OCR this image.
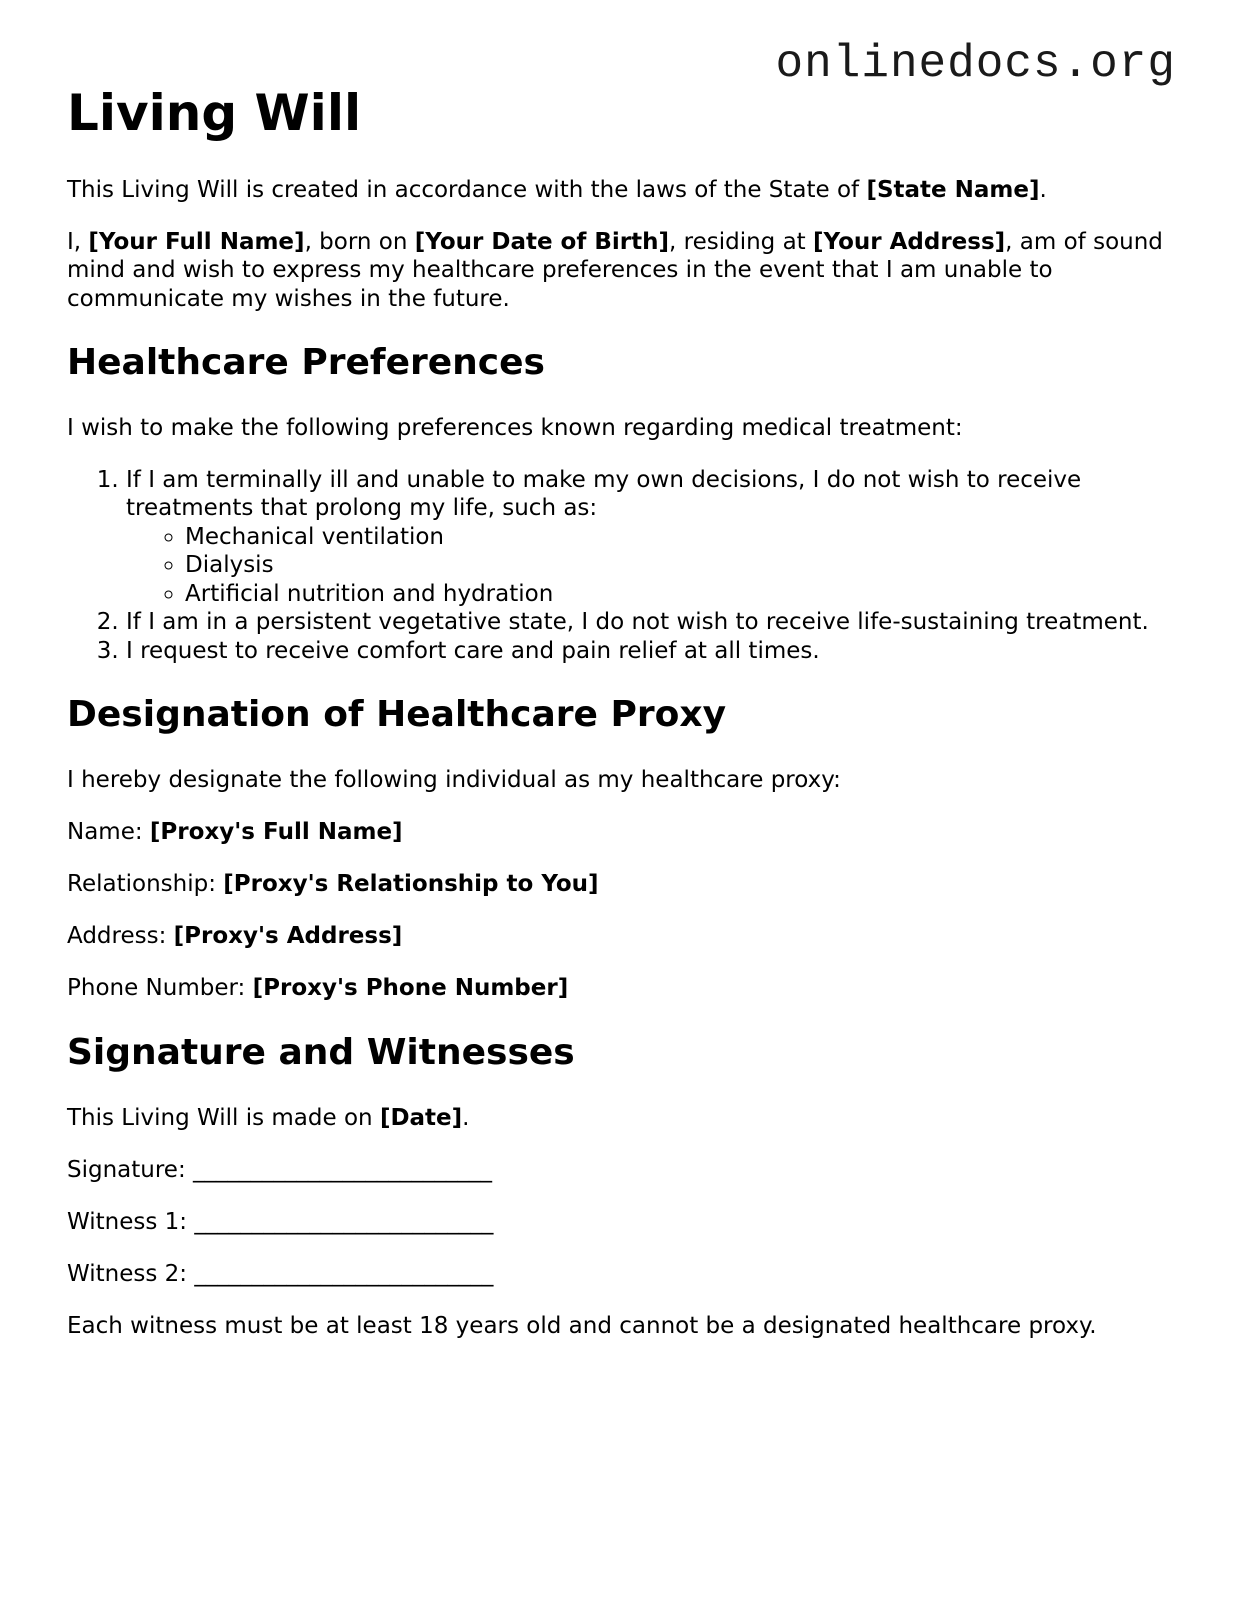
onlinedocs.org
Living Will

This Living Will is created in accordance with the laws of the State of [State Name].

I, [Your Full Name], born on [Your Date of Birth], residing at [Your Address], am of sound mind and wish to express my healthcare preferences in the event that I am unable to communicate my wishes in the future.

Healthcare Preferences

I wish to make the following preferences known regarding medical treatment:

1. If I am terminally ill and unable to make my own decisions, I do not wish to receive treatments that prolong my life, such as:
◦ Mechanical ventilation
◦ Dialysis
◦ Artificial nutrition and hydration
2. If I am in a persistent vegetative state, I do not wish to receive life-sustaining treatment.
3. I request to receive comfort care and pain relief at all times.
Designation of Healthcare Proxy

I hereby designate the following individual as my healthcare proxy:

Name: [Proxy's Full Name]

Relationship: [Proxy's Relationship to You]

Address: [Proxy's Address]

Phone Number: [Proxy's Phone Number]

Signature and Witnesses

This Living Will is made on [Date].

Signature: __________________________

Witness 1: __________________________

Witness 2: __________________________

Each witness must be at least 18 years old and cannot be a designated healthcare proxy.
